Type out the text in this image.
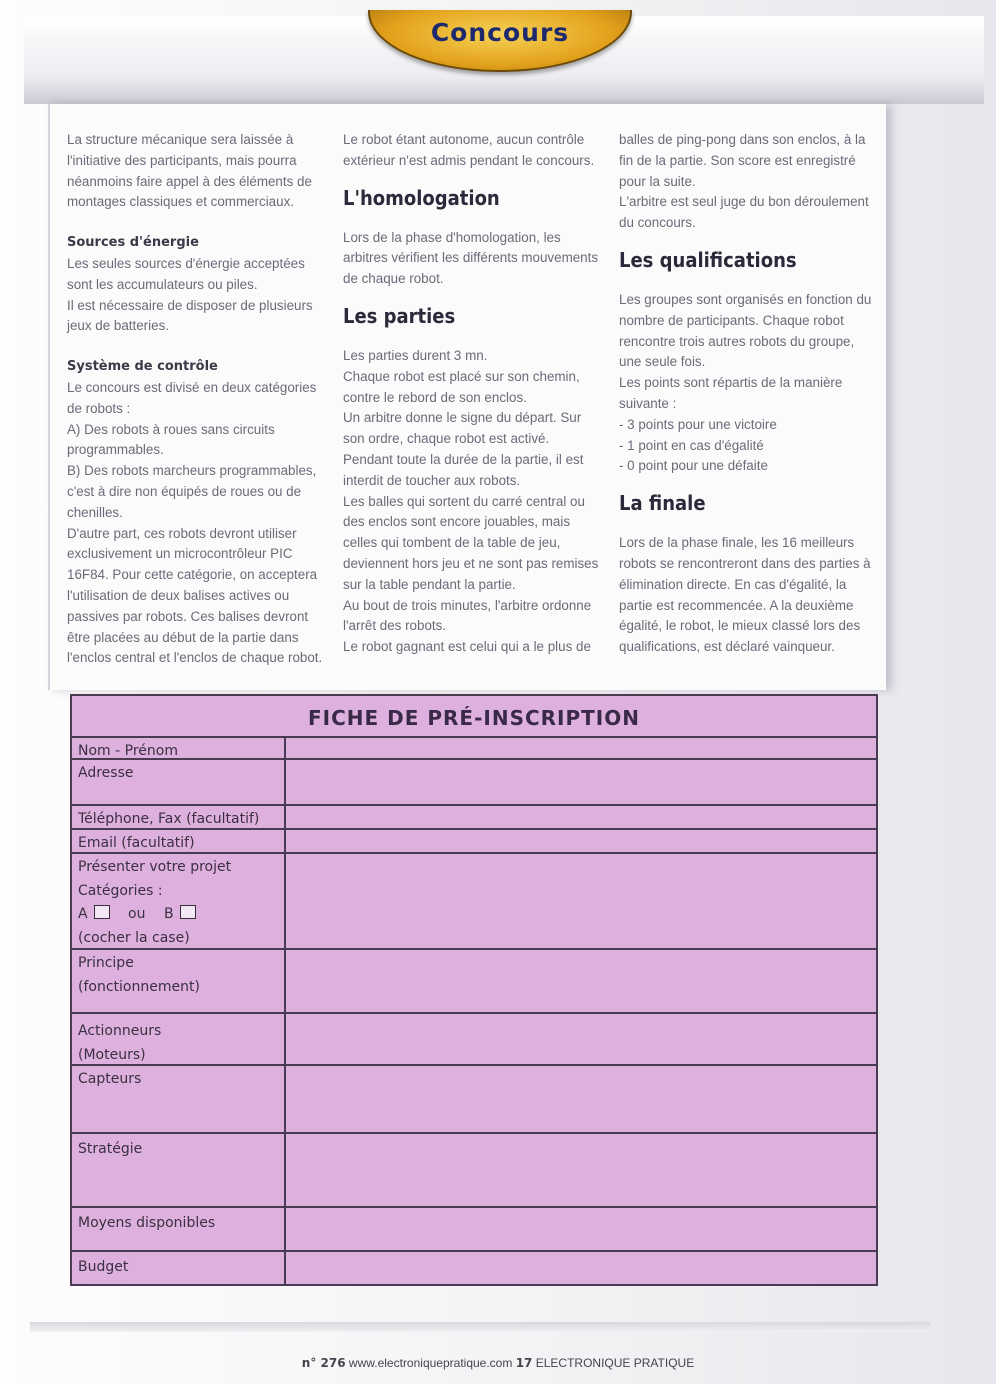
Concours

La structure mécanique sera laissée à l'initiative des participants, mais pourra néanmoins faire appel à des éléments de montages classiques et commerciaux.

Sources d'énergie

Les seules sources d'énergie acceptées sont les accumulateurs ou piles.

Il est nécessaire de disposer de plusieurs jeux de batteries.

Système de contrôle

Le concours est divisé en deux catégories de robots :

A) Des robots à roues sans circuits programmables.

B) Des robots marcheurs programmables, c'est à dire non équipés de roues ou de chenilles.

D'autre part, ces robots devront utiliser exclusivement un microcontrôleur PIC 16F84. Pour cette catégorie, on acceptera l'utilisation de deux balises actives ou passives par robots. Ces balises devront être placées au début de la partie dans l'enclos central et l'enclos de chaque robot.

Le robot étant autonome, aucun contrôle extérieur n'est admis pendant le concours.

L'homologation

Lors de la phase d'homologation, les arbitres vérifient les différents mouvements de chaque robot.

Les parties

Les parties durent 3 mn.

Chaque robot est placé sur son chemin, contre le rebord de son enclos.

Un arbitre donne le signe du départ. Sur son ordre, chaque robot est activé. Pendant toute la durée de la partie, il est interdit de toucher aux robots.

Les balles qui sortent du carré central ou des enclos sont encore jouables, mais celles qui tombent de la table de jeu, deviennent hors jeu et ne sont pas remises sur la table pendant la partie.

Au bout de trois minutes, l'arbitre ordonne l'arrêt des robots.

Le robot gagnant est celui qui a le plus de

balles de ping-pong dans son enclos, à la fin de la partie. Son score est enregistré pour la suite.

L'arbitre est seul juge du bon déroulement du concours.

Les qualifications

Les groupes sont organisés en fonction du nombre de participants. Chaque robot rencontre trois autres robots du groupe, une seule fois.

Les points sont répartis de la manière suivante :

- 3 points pour une victoire

- 1 point en cas d'égalité

- 0 point pour une défaite

La finale

Lors de la phase finale, les 16 meilleurs robots se rencontreront dans des parties à élimination directe. En cas d'égalité, la partie est recommencée. A la deuxième égalité, le robot, le mieux classé lors des qualifications, est déclaré vainqueur.

FICHE DE PRÉ-INSCRIPTION
Nom - Prénom
Adresse
Téléphone, Fax (facultatif)
Email (facultatif)
Présenter votre projet
Catégories :
A	ou B
(cocher la case)
Principe
(fonctionnement)
Actionneurs
(Moteurs)
Capteurs
Stratégie
Moyens disponibles
Budget
n° 276 www.electroniquepratique.com 17 ELECTRONIQUE PRATIQUE
